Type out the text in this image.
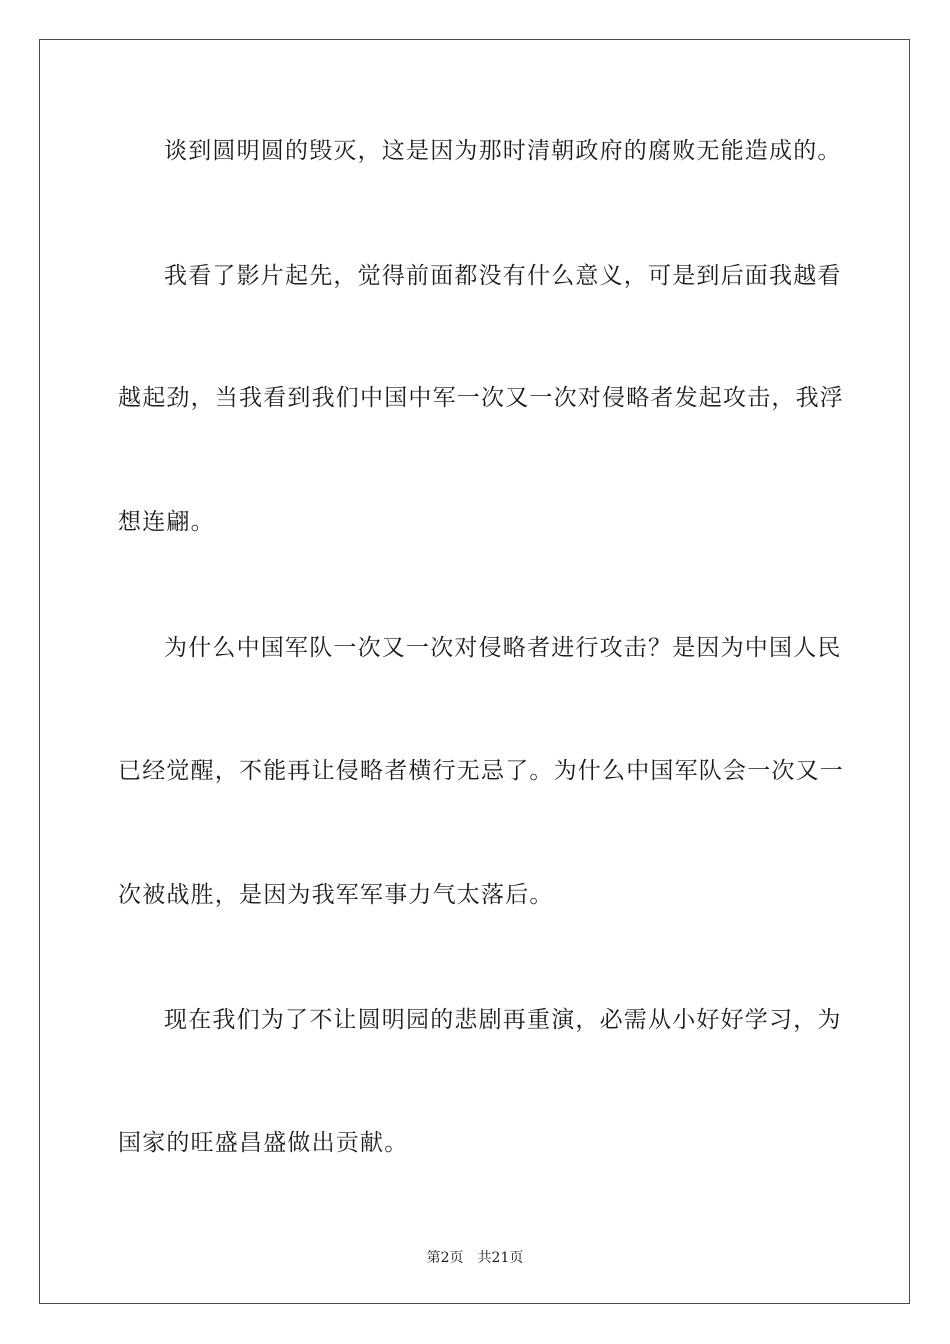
谈到圆明圆的毁灭，这是因为那时清朝政府的腐败无能造成的。
我看了影片起先，觉得前面都没有什么意义，可是到后面我越看
越起劲，当我看到我们中国中军一次又一次对侵略者发起攻击，我浮
想连翩。
为什么中国军队一次又一次对侵略者进行攻击？是因为中国人民
已经觉醒，不能再让侵略者横行无忌了。为什么中国军队会一次又一
次被战胜，是因为我军军事力气太落后。
现在我们为了不让圆明园的悲剧再重演，必需从小好好学习，为
国家的旺盛昌盛做出贡献。
第2页 共21页
